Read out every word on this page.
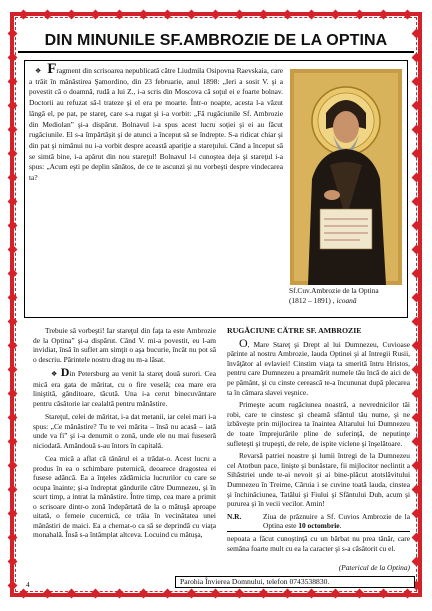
DIN MINUNILE SF.AMBROZIE DE LA OPTINA
❖ Fragment din scrisoarea nepublicată către Liudmila Osipovna Raevskaia, care a trăit în mănăstirea Şamordino, din 23 februarie, anul 1898: „Ieri a sosit V. şi a povestit că o doamnă, rudă a lui Z., i-a scris din Moscova că soţul ei e foarte bolnav. Doctorii au refuzat să-l trateze şi el era pe moarte. Într-o noapte, acesta l-a văzut lângă el, pe pat, pe stareţ, care s-a rugat şi i-a vorbit: „Fă rugăciunile Sf. Ambrozie din Mediolan” şi-a dispărut. Bolnavul i-a spus acest lucru soţiei şi ei au făcut rugăciunile. El s-a împărtăşit şi de atunci a început să se îndrepte. S-a ridicat chiar şi din pat şi nimănui nu i-a vorbit despre această apariţie a stareţului. Când a început să se simtă bine, i-a apărut din nou stareţul! Bolnavul l-i cunoştea deja şi stareţul i-a spus: „Acum eşti pe deplin sănătos, de ce te ascunzi şi nu vorbeşti despre vindecarea ta?
Sf.Cuv.Ambrozie de la Optina
(1812 – 1891) , icoană

Trebuie să vorbeşti! Iar stareţul din faţa ta este Ambrozie de la Optina” şi-a dispărut. Când V. mi-a povestit, eu l-am invidiat, însă în suflet am simţit o aşa bucurie, încât nu pot să o descriu. Părintele nostru drag nu m-a lăsat.

❖ Din Petersburg au venit la stareţ două surori. Cea mică era gata de măritat, cu o fire veselă; cea mare era liniştită, gânditoare, tăcută. Una i-a cerut binecuvântare pentru căsătorie iar cealaltă pentru mănăstire.

Stareţul, celei de măritat, i-a dat metanii, iar celei mari i-a spus: „Ce mănăstire? Tu te vei mărita – însă nu acasă – iată unde va fi” şi i-a denumit o zonă, unde ele nu mai fuseseră niciodată. Amândouă s-au întors în capitală.

Cea mică a aflat că tânărul ei a trădat-o. Acest lucru a produs în ea o schimbare puternică, deoarece dragostea ei fusese adâncă. Ea a înţeles zădărnicia lucrurilor cu care se ocupa înainte; şi-a îndreptat gândurile către Dumnezeu, şi în scurt timp, a intrat la mănăstire. Între timp, cea mare a primit o scrisoare dintr-o zonă îndepărtată de la o mătuşă aproape uitată, o femeie cucernică, ce trăia în vecinătatea unei mănăstiri de maici. Ea a chemat-o ca să se deprindă cu viaţa monahală. Însă s-a întâmplat altceva. Locuind cu mătuşa,

RUGĂCIUNE CĂTRE SF. AMBROZIE

O, Mare Stareţ şi Drept al lui Dumnezeu, Cuvioase părinte al nostru Ambrozie, lauda Optinei şi al întregii Rusii, învăţător al evlaviei! Cinstim viaţa ta smerită întru Hristos, pentru care Dumnezeu a preamărit numele tău încă de aici de pe pământ, şi cu cinste cerească te-a încununat după plecarea ta în cămara slavei veşnice.

Primeşte acum rugăciunea noastră, a nevrednicilor tăi robi, care te cinstesc şi cheamă sfântul tău nume, şi ne izbăveşte prin mijlocirea ta înaintea Altarului lui Dumnezeu de toate împrejurările pline de suferinţă, de neputinţe sufleteşti şi trupeşti, de rele, de ispite viclene şi înşelătoare.

Revarsă patriei noastre şi lumii întregi de la Dumnezeu cel Atotbun pace, linişte şi bunăstare, fii mijlocitor neclintit a Sihăstriei unde te-ai nevoit şi ai bine-plăcut atotslăvitului Dumnezeu în Treime, Căruia i se cuvine toată lauda, cinstea şi închinăciunea, Tatălui şi Fiului şi Sfântului Duh, acum şi pururea şi în vecii vecilor. Amin!

N.R.	Ziua de prăznuire a Sf. Cuvios Ambrozie de la Optina este 10 octombrie.
nepoata a făcut cunoştinţă cu un bărbat nu prea tânăr, care semăna foarte mult cu ea la caracter şi s-a căsătorit cu el.
(Patericul de la Optina)
4	Parohia Învierea Domnului, telefon 0743538830.
